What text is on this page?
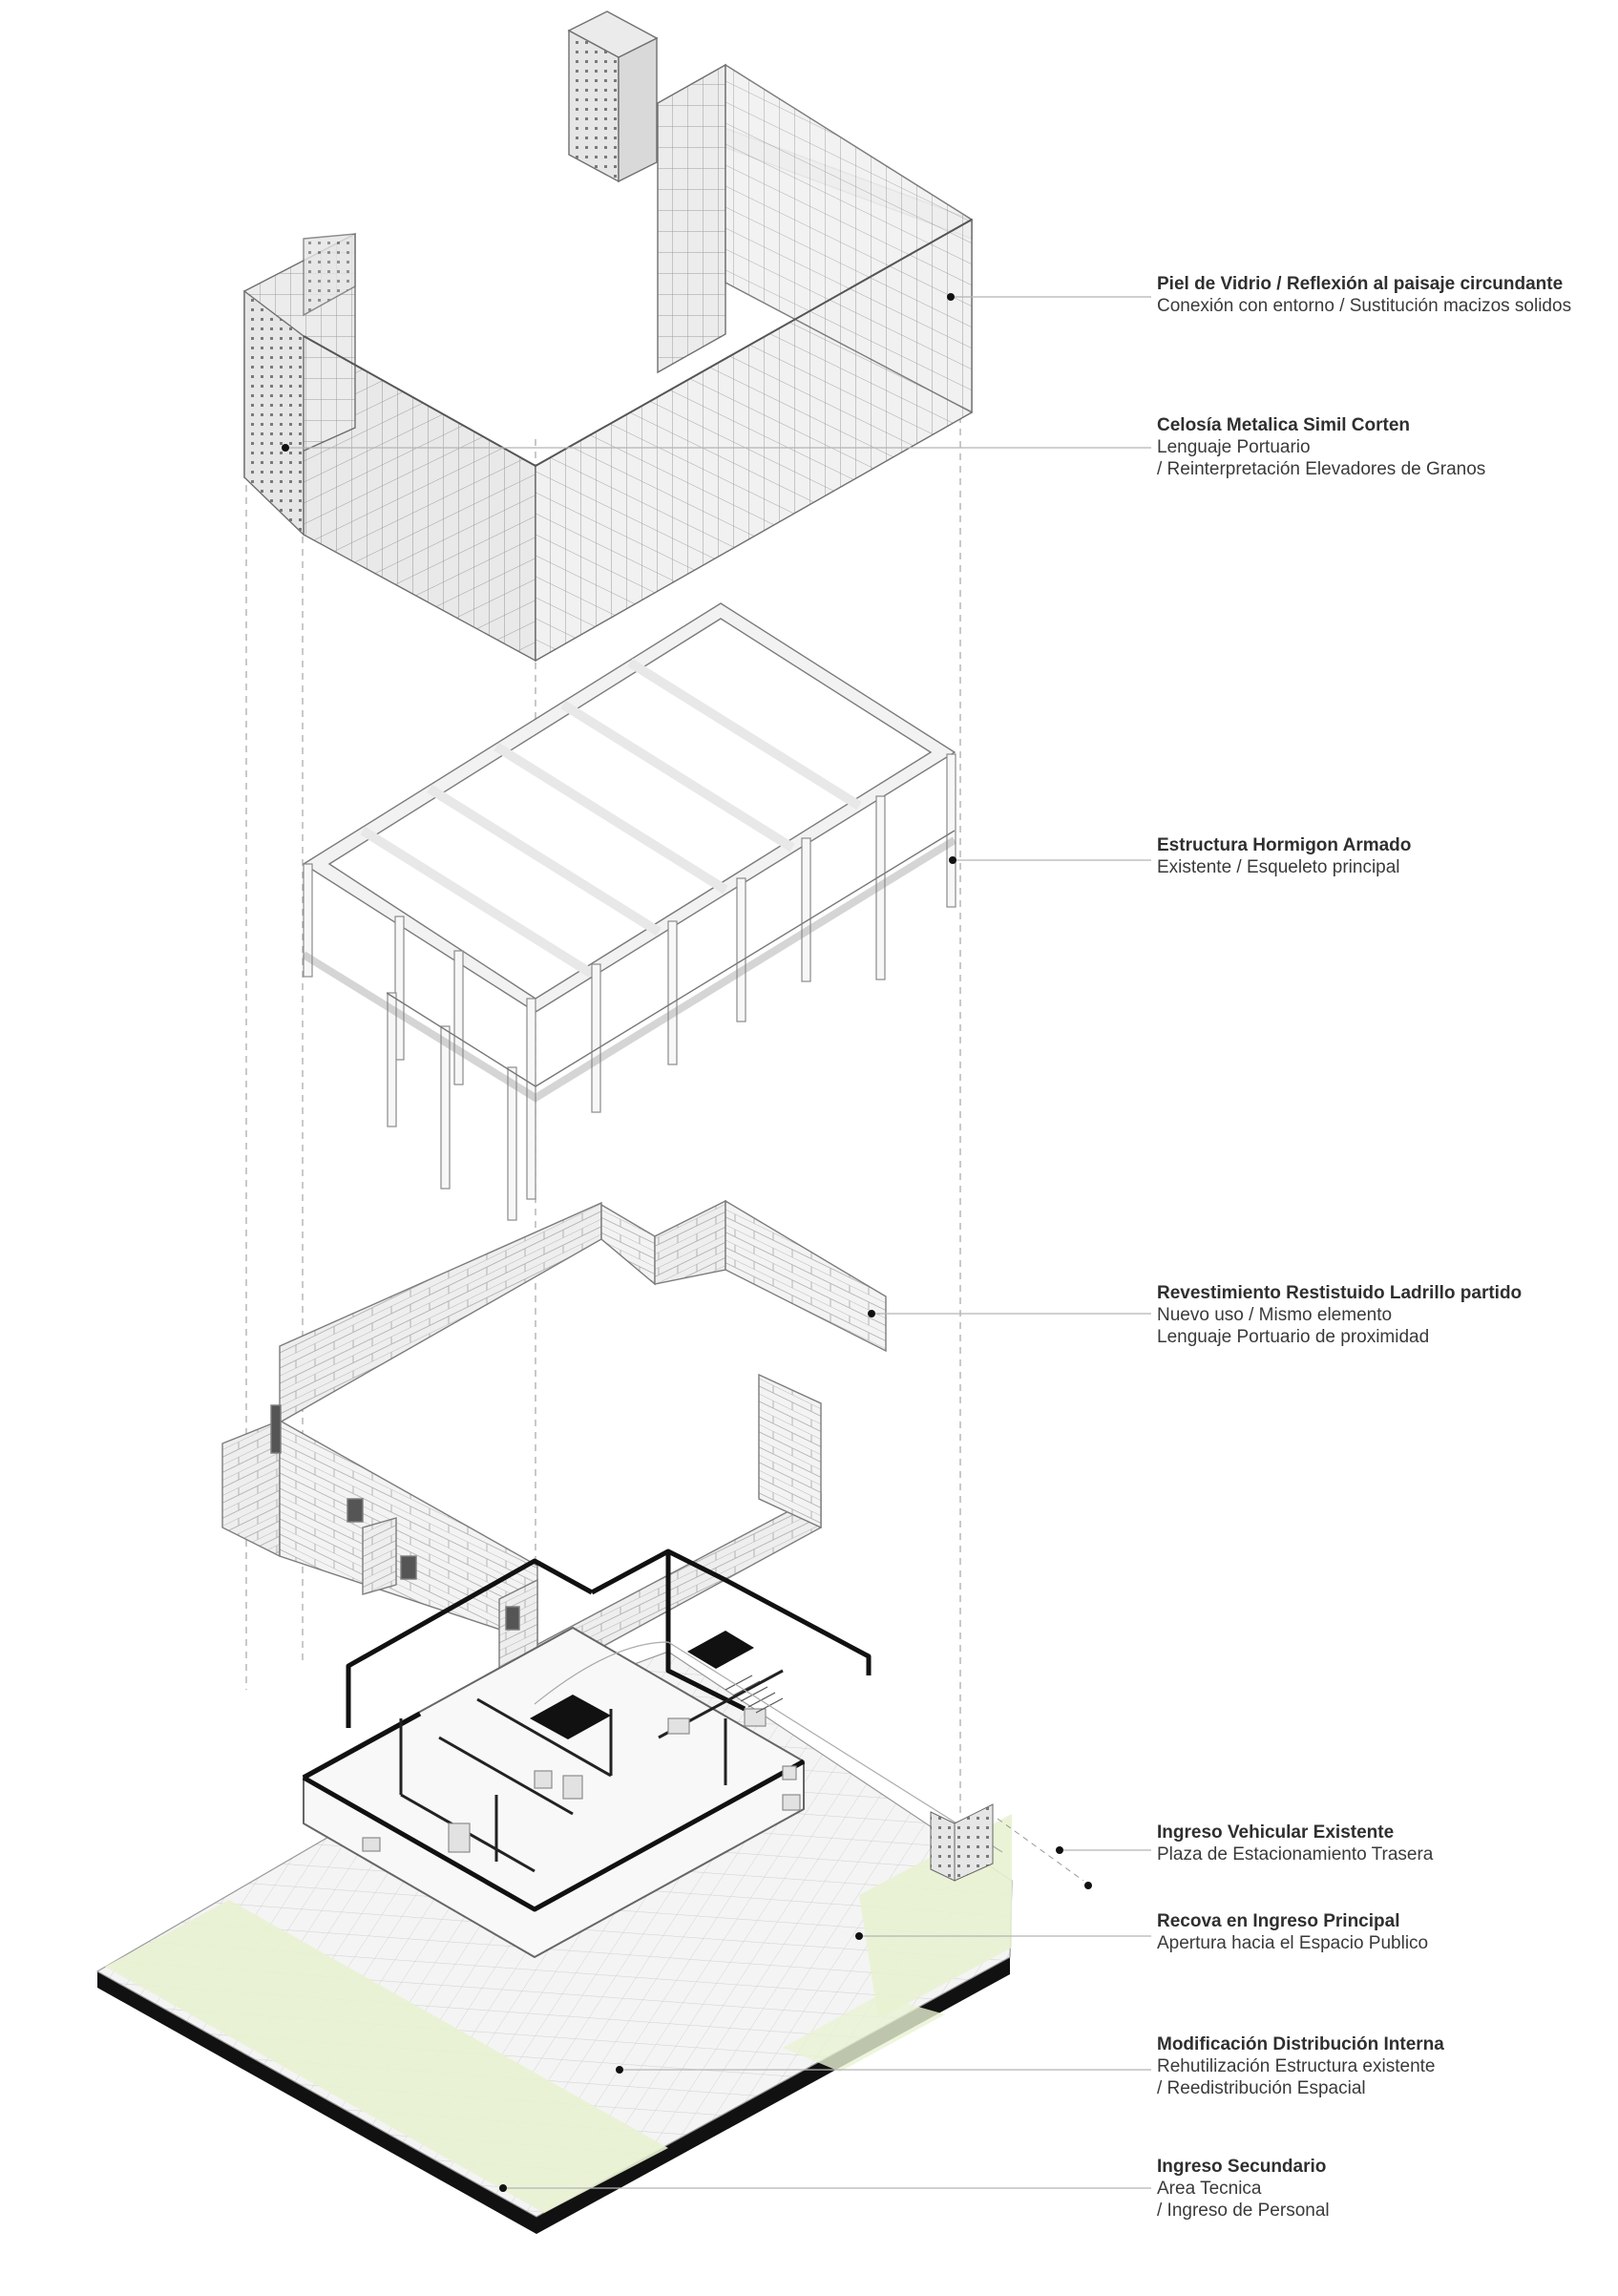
Piel de Vidrio / Reflexión al paisaje circundante
Conexión con entorno / Sustitución macizos solidos
Celosía Metalica Simil Corten
Lenguaje Portuario
/ Reinterpretación Elevadores de Granos
Estructura Hormigon Armado
Existente / Esqueleto principal
Revestimiento Restistuido Ladrillo partido
Nuevo uso / Mismo elemento
Lenguaje Portuario de proximidad
Ingreso Vehicular Existente
Plaza de Estacionamiento Trasera
Recova en Ingreso Principal
Apertura hacia el Espacio Publico
Modificación Distribución Interna
Rehutilización Estructura existente
/ Reedistribución Espacial
Ingreso Secundario
Area Tecnica
/ Ingreso de Personal
